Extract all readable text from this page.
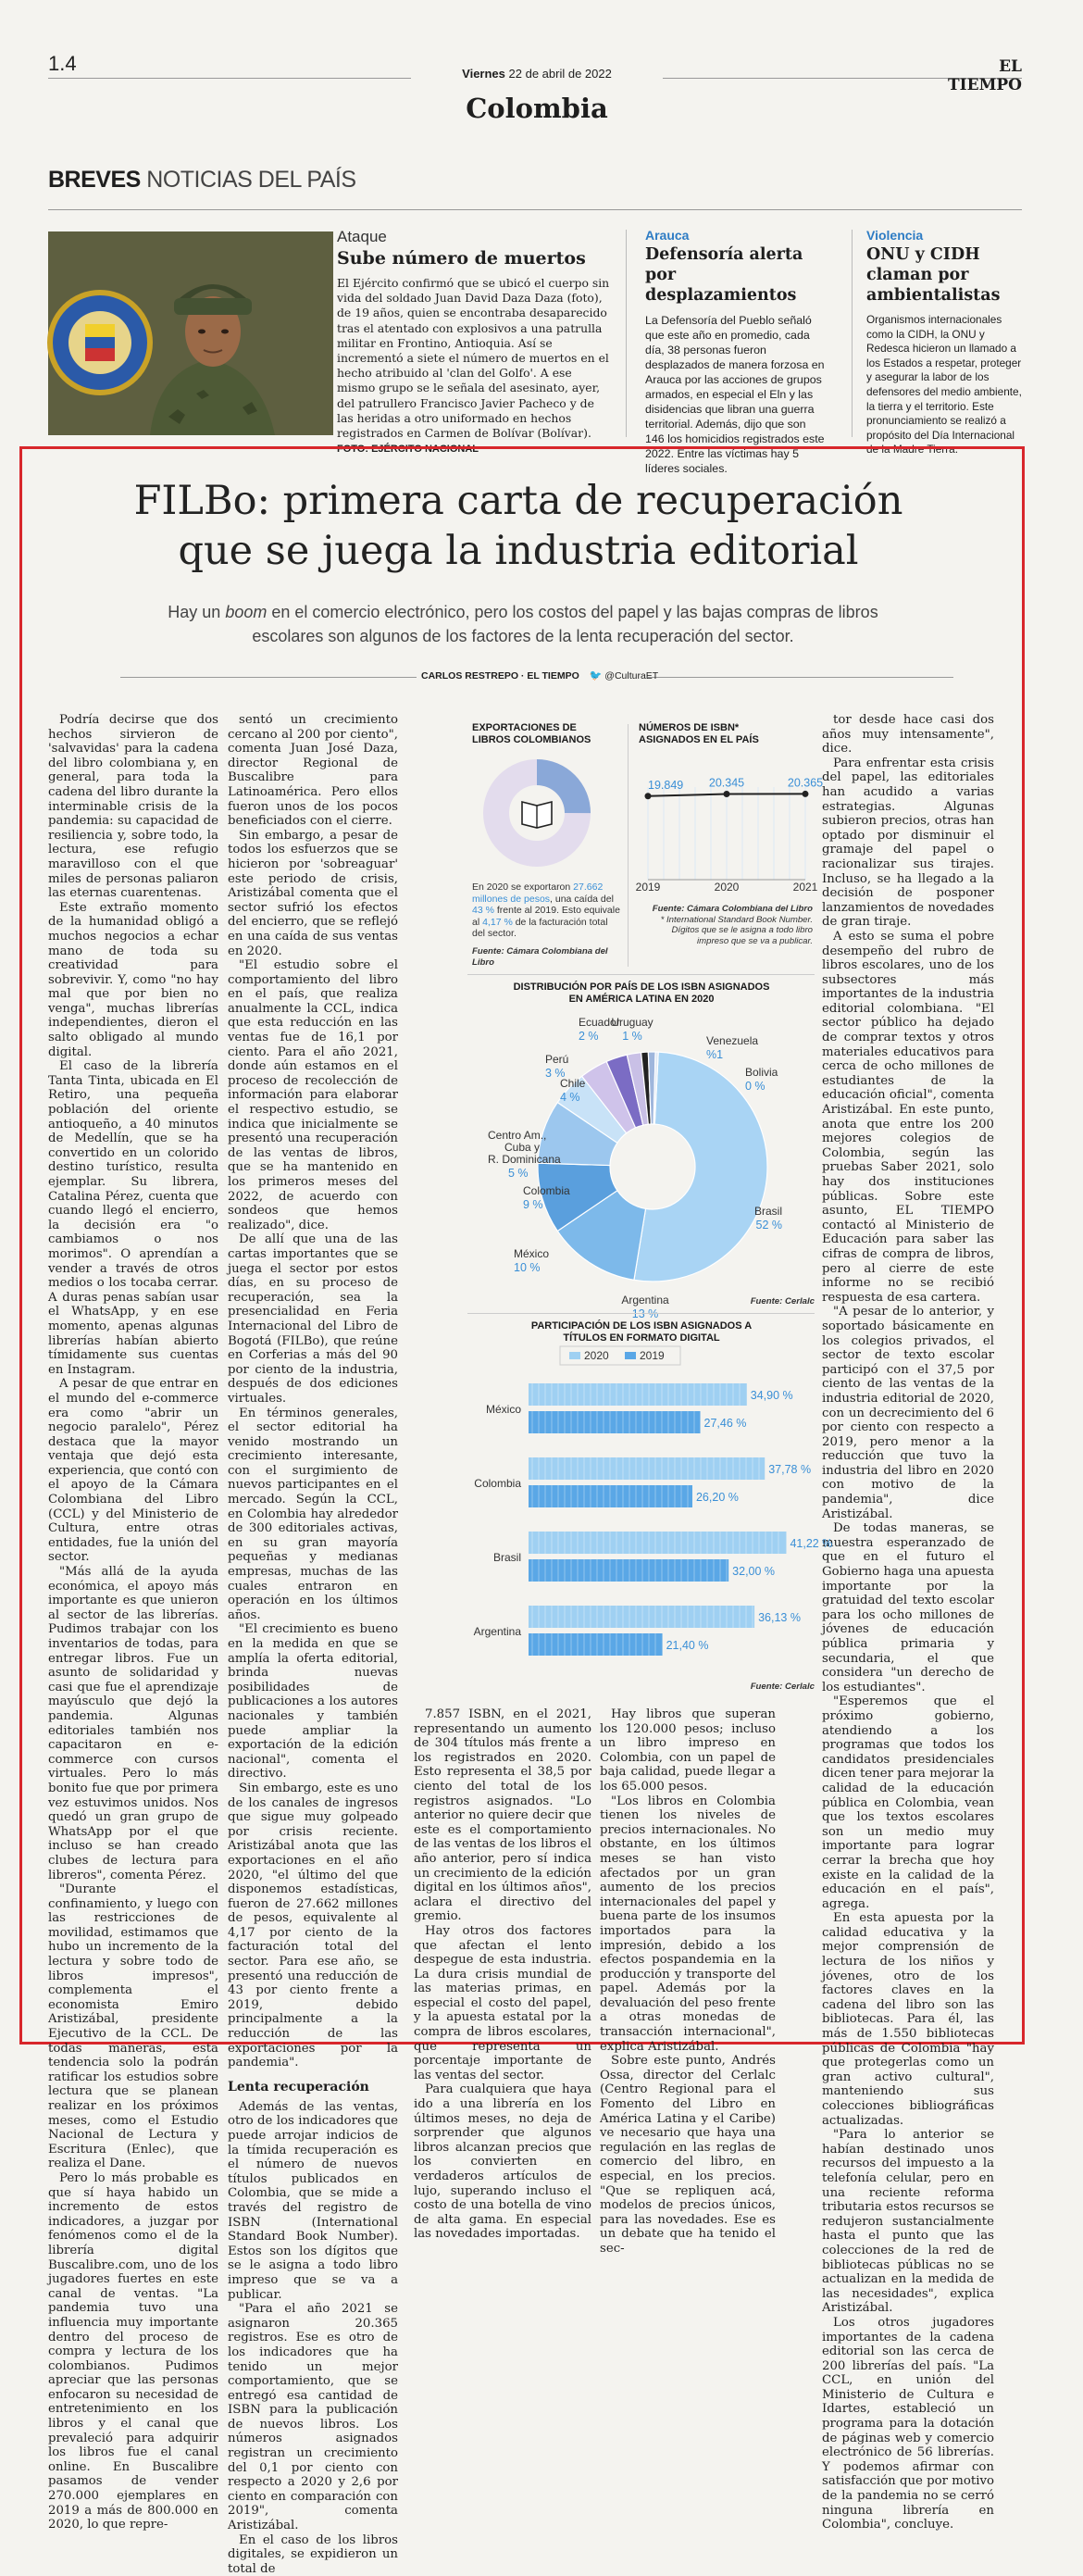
1.4	Viernes 22 de abril de 2022
Colombia
EL TIEMPO
BREVES NOTICIAS DEL PAÍS
Ataque
Sube número de muertos

El Ejército confirmó que se ubicó el cuerpo sin vida del soldado Juan David Daza Daza (foto), de 19 años, quien se encontraba desaparecido tras el atentado con explosivos a una patrulla militar en Frontino, Antioquia. Así se incrementó a siete el número de muertos en el hecho atribuido al 'clan del Golfo'. A ese mismo grupo se le señala del asesinato, ayer, del patrullero Francisco Javier Pacheco y de las heridas a otro uniformado en hechos registrados en Carmen de Bolívar (Bolívar). FOTO: EJÉRCITO NACIONAL

Arauca
Defensoría alerta por desplazamientos

La Defensoría del Pueblo señaló que este año en promedio, cada día, 38 personas fueron desplazados de manera forzosa en Arauca por las acciones de grupos armados, en especial el Eln y las disidencias que libran una guerra territorial. Además, dijo que son 146 los homicidios registrados este 2022. Entre las víctimas hay 5 líderes sociales.

Violencia
ONU y CIDH claman por ambientalistas

Organismos internacionales como la CIDH, la ONU y Redesca hicieron un llamado a los Estados a respetar, proteger y asegurar la labor de los defensores del medio ambiente, la tierra y el territorio. Este pronunciamiento se realizó a propósito del Día Internacional de la Madre Tierra.

FILBo: primera carta de recuperación
que se juega la industria editorial
Hay un boom en el comercio electrónico, pero los costos del papel y las bajas compras de libros escolares son algunos de los factores de la lenta recuperación del sector.
CARLOS RESTREPO · EL TIEMPO 🐦 @CulturaET

Podría decirse que dos hechos sirvieron de 'salvavidas' para la cadena del libro colombiana y, en general, para toda la cadena del libro durante la interminable crisis de la pandemia: su capacidad de resiliencia y, sobre todo, la lectura, ese refugio maravilloso con el que miles de personas paliaron las eternas cuarentenas.

Este extraño momento de la humanidad obligó a muchos negocios a echar mano de toda su creatividad para sobrevivir. Y, como "no hay mal que por bien no venga", muchas librerías independientes, dieron el salto obligado al mundo digital.

El caso de la librería Tanta Tinta, ubicada en El Retiro, una pequeña población del oriente antioqueño, a 40 minutos de Medellín, que se ha convertido en un colorido destino turístico, resulta ejemplar. Su librera, Catalina Pérez, cuenta que cuando llegó el encierro, la decisión era "o cambiamos o nos morimos". O aprendían a vender a través de otros medios o los tocaba cerrar. A duras penas sabían usar el WhatsApp, y en ese momento, apenas algunas librerías habían abierto tímidamente sus cuentas en Instagram.

A pesar de que entrar en el mundo del e-commerce era como "abrir un negocio paralelo", Pérez destaca que la mayor ventaja que dejó esta experiencia, que contó con el apoyo de la Cámara Colombiana del Libro (CCL) y del Ministerio de Cultura, entre otras entidades, fue la unión del sector.

"Más allá de la ayuda económica, el apoyo más importante es que unieron al sector de las librerías. Pudimos trabajar con los inventarios de todas, para entregar libros. Fue un asunto de solidaridad y casi que fue el aprendizaje mayúsculo que dejó la pandemia. Algunas editoriales también nos capacitaron en e-commerce con cursos virtuales. Pero lo más bonito fue que por primera vez estuvimos unidos. Nos quedó un gran grupo de WhatsApp por el que incluso se han creado clubes de lectura para libreros", comenta Pérez.

"Durante el confinamiento, y luego con las restricciones de movilidad, estimamos que hubo un incremento de la lectura y sobre todo de libros impresos", complementa el economista Emiro Aristizábal, presidente Ejecutivo de la CCL. De todas maneras, esta tendencia solo la podrán ratificar los estudios sobre lectura que se planean realizar en los próximos meses, como el Estudio Nacional de Lectura y Escritura (Enlec), que realiza el Dane.

Pero lo más probable es que sí haya habido un incremento de estos indicadores, a juzgar por fenómenos como el de la librería digital Buscalibre.com, uno de los jugadores fuertes en este canal de ventas. "La pandemia tuvo una influencia muy importante dentro del proceso de compra y lectura de los colombianos. Pudimos apreciar que las personas enfocaron su necesidad de entretenimiento en los libros y el canal que prevaleció para adquirir los libros fue el canal online. En Buscalibre pasamos de vender 270.000 ejemplares en 2019 a más de 800.000 en 2020, lo que repre-

sentó un crecimiento cercano al 200 por ciento", comenta Juan José Daza, director Regional de Buscalibre para Latinoamérica. Pero ellos fueron unos de los pocos beneficiados con el cierre.

Sin embargo, a pesar de todos los esfuerzos que se hicieron por 'sobreaguar' este periodo de crisis, Aristizábal comenta que el sector sufrió los efectos del encierro, que se reflejó en una caída de sus ventas en 2020.

"El estudio sobre el comportamiento del libro en el país, que realiza anualmente la CCL, indica que esta reducción en las ventas fue de 16,1 por ciento. Para el año 2021, donde aún estamos en el proceso de recolección de información para elaborar el respectivo estudio, se indica que inicialmente se presentó una recuperación de las ventas de libros, que se ha mantenido en los primeros meses del 2022, de acuerdo con sondeos que hemos realizado", dice.

De allí que una de las cartas importantes que se juega el sector por estos días, en su proceso de recuperación, sea la presencialidad en Feria Internacional del Libro de Bogotá (FILBo), que reúne en Corferias a más del 90 por ciento de la industria, después de dos ediciones virtuales.

En términos generales, el sector editorial ha venido mostrando un crecimiento interesante, con el surgimiento de nuevos participantes en el mercado. Según la CCL, en Colombia hay alrededor de 300 editoriales activas, en su gran mayoría pequeñas y medianas empresas, muchas de las cuales entraron en operación en los últimos años.

"El crecimiento es bueno en la medida en que se amplía la oferta editorial, brinda nuevas posibilidades de publicaciones a los autores nacionales y también puede ampliar la exportación de la edición nacional", comenta el directivo.

Sin embargo, este es uno de los canales de ingresos que sigue muy golpeado por crisis reciente. Aristizábal anota que las exportaciones en el año 2020, "el último del que disponemos estadísticas, fueron de 27.662 millones de pesos, equivalente al 4,17 por ciento de la facturación total del sector. Para ese año, se presentó una reducción de 43 por ciento frente a 2019, debido principalmente a la reducción de las exportaciones por la pandemia".

Lenta recuperación

Además de las ventas, otro de los indicadores que puede arrojar indicios de la tímida recuperación es el número de nuevos títulos publicados en Colombia, que se mide a través del registro de ISBN (International Standard Book Number). Estos son los dígitos que se le asigna a todo libro impreso que se va a publicar.

"Para el año 2021 se asignaron 20.365 registros. Ese es otro de los indicadores que ha tenido un mejor comportamiento, que se entregó esa cantidad de ISBN para la publicación de nuevos libros. Los números asignados registran un crecimiento del 0,1 por ciento con respecto a 2020 y 2,6 por ciento en comparación con 2019", comenta Aristizábal.

En el caso de los libros digitales, se expidieron un total de

7.857 ISBN, en el 2021, representando un aumento de 304 títulos más frente a los registrados en 2020. Esto representa el 38,5 por ciento del total de los registros asignados. "Lo anterior no quiere decir que este es el comportamiento de las ventas de los libros el año anterior, pero sí indica un crecimiento de la edición digital en los últimos años", aclara el directivo del gremio.

Hay otros dos factores que afectan el lento despegue de esta industria. La dura crisis mundial de las materias primas, en especial el costo del papel, y la apuesta estatal por la compra de libros escolares, que representa un porcentaje importante de las ventas del sector.

Para cualquiera que haya ido a una librería en los últimos meses, no deja de sorprender que algunos libros alcanzan precios que los convierten en verdaderos artículos de lujo, superando incluso el costo de una botella de vino de alta gama. En especial las novedades importadas.

Hay libros que superan los 120.000 pesos; incluso un libro impreso en Colombia, con un papel de baja calidad, puede llegar a los 65.000 pesos.

"Los libros en Colombia tienen los niveles de precios internacionales. No obstante, en los últimos meses se han visto afectados por un gran aumento de los precios internacionales del papel y buena parte de los insumos importados para la impresión, debido a los efectos pospandemia en la producción y transporte del papel. Además por la devaluación del peso frente a otras monedas de transacción internacional", explica Aristizábal.

Sobre este punto, Andrés Ossa, director del Cerlalc (Centro Regional para el Fomento del Libro en América Latina y el Caribe) ve necesario que haya una regulación en las reglas de comercio del libro, en especial, en los precios. "Que se repliquen acá, modelos de precios únicos, para las novedades. Ese es un debate que ha tenido el sec-

tor desde hace casi dos años muy intensamente", dice.

Para enfrentar esta crisis del papel, las editoriales han acudido a varias estrategias. Algunas subieron precios, otras han optado por disminuir el gramaje del papel o racionalizar sus tirajes. Incluso, se ha llegado a la decisión de posponer lanzamientos de novedades de gran tiraje.

A esto se suma el pobre desempeño del rubro de libros escolares, uno de los subsectores más importantes de la industria editorial colombiana. "El sector público ha dejado de comprar textos y otros materiales educativos para cerca de ocho millones de estudiantes de la educación oficial", comenta Aristizábal. En este punto, anota que entre los 200 mejores colegios de Colombia, según las pruebas Saber 2021, solo hay dos instituciones públicas. Sobre este asunto, EL TIEMPO contactó al Ministerio de Educación para saber las cifras de compra de libros, pero al cierre de este informe no se recibió respuesta de esa cartera.

"A pesar de lo anterior, y soportado básicamente en los colegios privados, el sector de texto escolar participó con el 37,5 por ciento de las ventas de la industria editorial de 2020, con un decrecimiento del 6 por ciento con respecto a 2019, pero menor a la reducción que tuvo la industria del libro en 2020 con motivo de la pandemia", dice Aristizábal.

De todas maneras, se muestra esperanzado de que en el futuro el Gobierno haga una apuesta importante por la gratuidad del texto escolar para los ocho millones de jóvenes de educación pública primaria y secundaria, el que considera "un derecho de los estudiantes".

"Esperemos que el próximo gobierno, atendiendo a los programas que todos los candidatos presidenciales dicen tener para mejorar la calidad de la educación pública en Colombia, vean que los textos escolares son un medio muy importante para lograr cerrar la brecha que hoy existe en la calidad de la educación en el país", agrega.

En esta apuesta por la calidad educativa y la mejor comprensión de lectura de los niños y jóvenes, otro de los factores claves en la cadena del libro son las bibliotecas. Para él, las más de 1.550 bibliotecas públicas de Colombia "hay que protegerlas como un gran activo cultural", manteniendo sus colecciones bibliográficas actualizadas.

"Para lo anterior se habían destinado unos recursos del impuesto a la telefonía celular, pero en una reciente reforma tributaria estos recursos se redujeron sustancialmente hasta el punto que las colecciones de la red de bibliotecas públicas no se actualizan en la medida de las necesidades", explica Aristizábal.

Los otros jugadores importantes de la cadena editorial son las cerca de 200 librerías del país. "La CCL, en unión del Ministerio de Cultura e Idartes, estableció un programa para la dotación de páginas web y comercio electrónico de 56 librerías. Y podemos afirmar con satisfacción que por motivo de la pandemia no se cerró ninguna librería en Colombia", concluye.

EXPORTACIONES DE LIBROS COLOMBIANOS
En 2020 se exportaron 27.662 millones de pesos, una caída del 43 % frente al 2019. Esto equivale al 4,17 % de la facturación total del sector.
Fuente: Cámara Colombiana del Libro
NÚMEROS DE ISBN* ASIGNADOS EN EL PAÍS
19.849
2019
20.345
2020
20.365
2021
Fuente: Cámara Colombiana del Libro
* International Standard Book Number. Dígitos que se le asigna a todo libro impreso que se va a publicar.
DISTRIBUCIÓN POR PAÍS DE LOS ISBN ASIGNADOS EN AMÉRICA LATINA EN 2020
Brasil
52 %
Argentina
13 %
México
10 %
Colombia
9 %
Centro Am.,
Cuba y
R. Dominicana
5 %
Chile
4 %
Perú
3 %
Ecuador
2 %
Uruguay
1 %	Venezuela
%1
Bolivia
0 %
Fuente: Cerlalc
PARTICIPACIÓN DE LOS ISBN ASIGNADOS A TÍTULOS EN FORMATO DIGITAL
2020	2019
México
34,90 %
27,46 %
Colombia
37,78 %
26,20 %
Brasil
41,22 %
32,00 %
Argentina
36,13 %
21,40 %
Fuente: Cerlalc
